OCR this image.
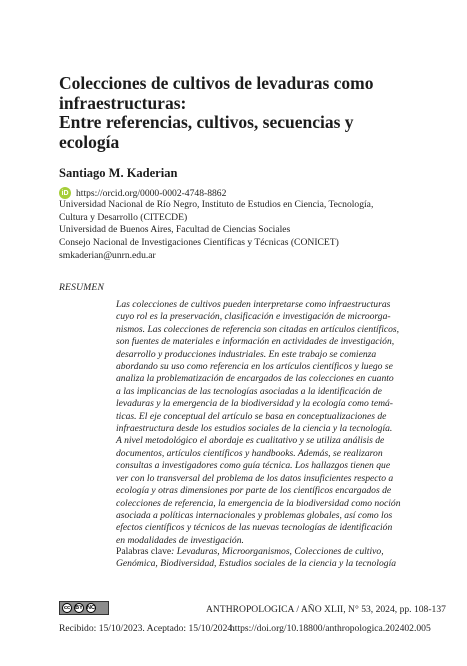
Colecciones de cultivos de levaduras como
infraestructuras:
Entre referencias, cultivos, secuencias y
ecología
Santiago M. Kaderian
iD https://orcid.org/0000-0002-4748-8862
Universidad Nacional de Río Negro, Instituto de Estudios en Ciencia, Tecnología,
Cultura y Desarrollo (CITECDE)
Universidad de Buenos Aires, Facultad de Ciencias Sociales
Consejo Nacional de Investigaciones Científicas y Técnicas (CONICET)
smkaderian@unrn.edu.ar
RESUMEN
Las colecciones de cultivos pueden interpretarse como infraestructuras
cuyo rol es la preservación, clasificación e investigación de microorga-
nismos. Las colecciones de referencia son citadas en artículos científicos,
son fuentes de materiales e información en actividades de investigación,
desarrollo y producciones industriales. En este trabajo se comienza
abordando su uso como referencia en los artículos científicos y luego se
analiza la problematización de encargados de las colecciones en cuanto
a las implicancias de las tecnologías asociadas a la identificación de
levaduras y la emergencia de la biodiversidad y la ecología como temá-
ticas. El eje conceptual del artículo se basa en conceptualizaciones de
infraestructura desde los estudios sociales de la ciencia y la tecnología.
A nivel metodológico el abordaje es cualitativo y se utiliza análisis de
documentos, artículos científicos y handbooks. Además, se realizaron
consultas a investigadores como guía técnica. Los hallazgos tienen que
ver con lo transversal del problema de los datos insuficientes respecto a
ecología y otras dimensiones por parte de los científicos encargados de
colecciones de referencia, la emergencia de la biodiversidad como noción
asociada a políticas internacionales y problemas globales, así como los
efectos científicos y técnicos de las nuevas tecnologías de identificación
en modalidades de investigación.
Palabras clave: Levaduras, Microorganismos, Colecciones de cultivo,
Genómica, Biodiversidad, Estudios sociales de la ciencia y la tecnología
cc BY NC	ANTHROPOLOGICA / AÑO XLII, N° 53, 2024, pp. 108-137
Recibido: 15/10/2023. Aceptado: 15/10/2024.
https://doi.org/10.18800/anthropologica.202402.005
